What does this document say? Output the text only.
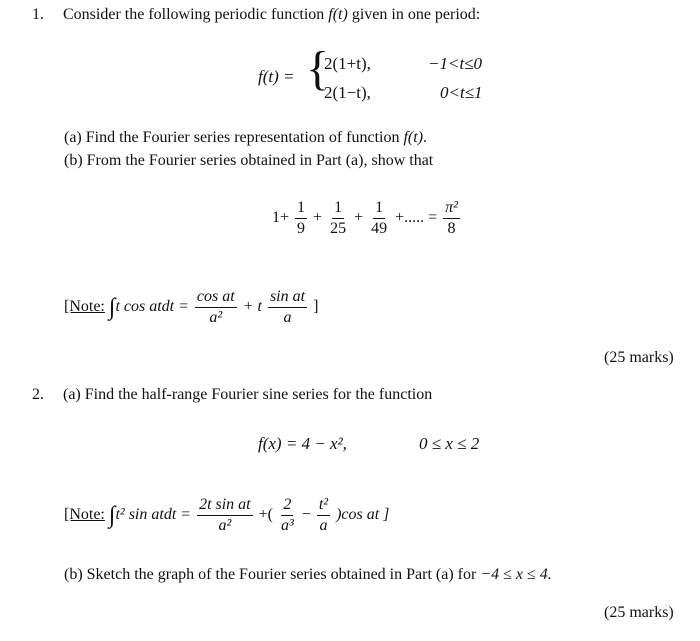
1. Consider the following periodic function f(t) given in one period:
f(t) = {
2(1+t),	−1<t≤0
2(1−t),	0<t≤1
(a) Find the Fourier series representation of function f(t).
(b) From the Fourier series obtained in Part (a), show that
$1+ \frac{1}{9} + \frac{1}{25} + \frac{1}{49}$ +..... = $\frac{\text{π²}}{8}$
[Note: ∫t cos atdt = $\frac{\text{cos at}}{\text{a²}} + t \frac{\text{sin at}}{a}$ ]
(25 marks)
2. (a) Find the half-range Fourier sine series for the function
f(x) = 4 − x²,	0 ≤ x ≤ 2
[Note: ∫t² sin atdt = $\frac{\text{2t sin at}}{\text{a²}}$ +( $\frac{2}{\text{a³}} - \frac{\text{t²}}{a} )\cos$ at ]
(b) Sketch the graph of the Fourier series obtained in Part (a) for −4 ≤ x ≤ 4.
(25 marks)
